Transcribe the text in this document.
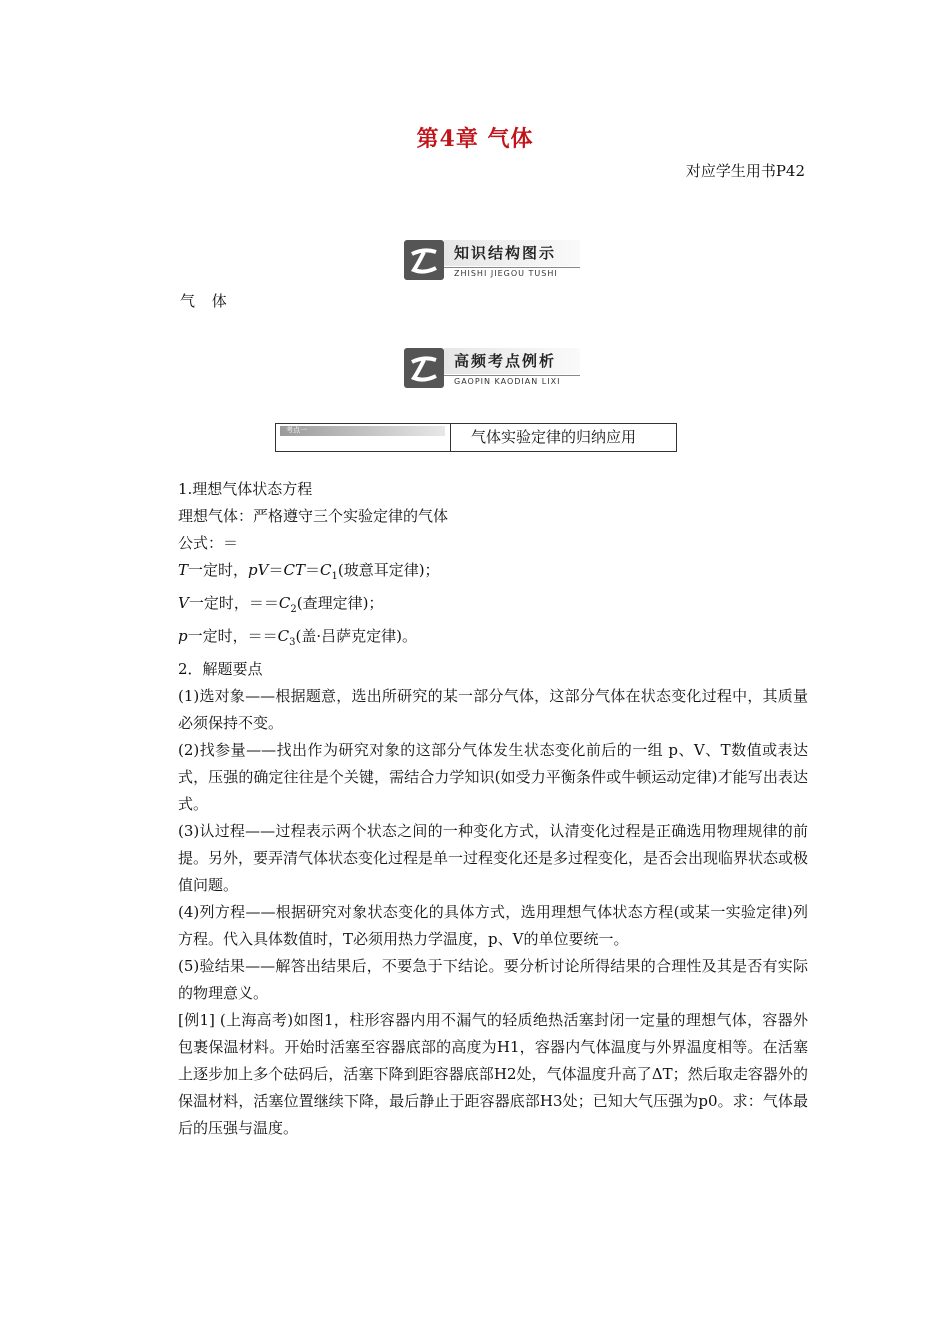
第4章 气体
对应学生用书P42
知识结构图示
ZHISHI JIEGOU TUSHI
气 体
高频考点例析
GAOPIN KAODIAN LIXI
考点一	气体实验定律的归纳应用
1.理想气体状态方程
理想气体：严格遵守三个实验定律的气体
公式：＝
T一定时，$pV=CT=C_1$(玻意耳定律)；
V一定时，$==C_2$(查理定律)；
p一定时，$==C_3$(盖·吕萨克定律)。
2．解题要点
(1)选对象——根据题意，选出所研究的某一部分气体，这部分气体在状态变化过程中，其质量必须保持不变。
(2)找参量——找出作为研究对象的这部分气体发生状态变化前后的一组 p、V、T数值或表达式，压强的确定往往是个关键，需结合力学知识(如受力平衡条件或牛顿运动定律)才能写出表达式。
(3)认过程——过程表示两个状态之间的一种变化方式，认清变化过程是正确选用物理规律的前提。另外，要弄清气体状态变化过程是单一过程变化还是多过程变化，是否会出现临界状态或极值问题。
(4)列方程——根据研究对象状态变化的具体方式，选用理想气体状态方程(或某一实验定律)列方程。代入具体数值时，T必须用热力学温度，p、V的单位要统一。
(5)验结果——解答出结果后，不要急于下结论。要分析讨论所得结果的合理性及其是否有实际的物理意义。
[例1] (上海高考)如图1，柱形容器内用不漏气的轻质绝热活塞封闭一定量的理想气体，容器外包裹保温材料。开始时活塞至容器底部的高度为H1，容器内气体温度与外界温度相等。在活塞上逐步加上多个砝码后，活塞下降到距容器底部H2处，气体温度升高了ΔT；然后取走容器外的保温材料，活塞位置继续下降，最后静止于距容器底部H3处；已知大气压强为p0。求：气体最后的压强与温度。
